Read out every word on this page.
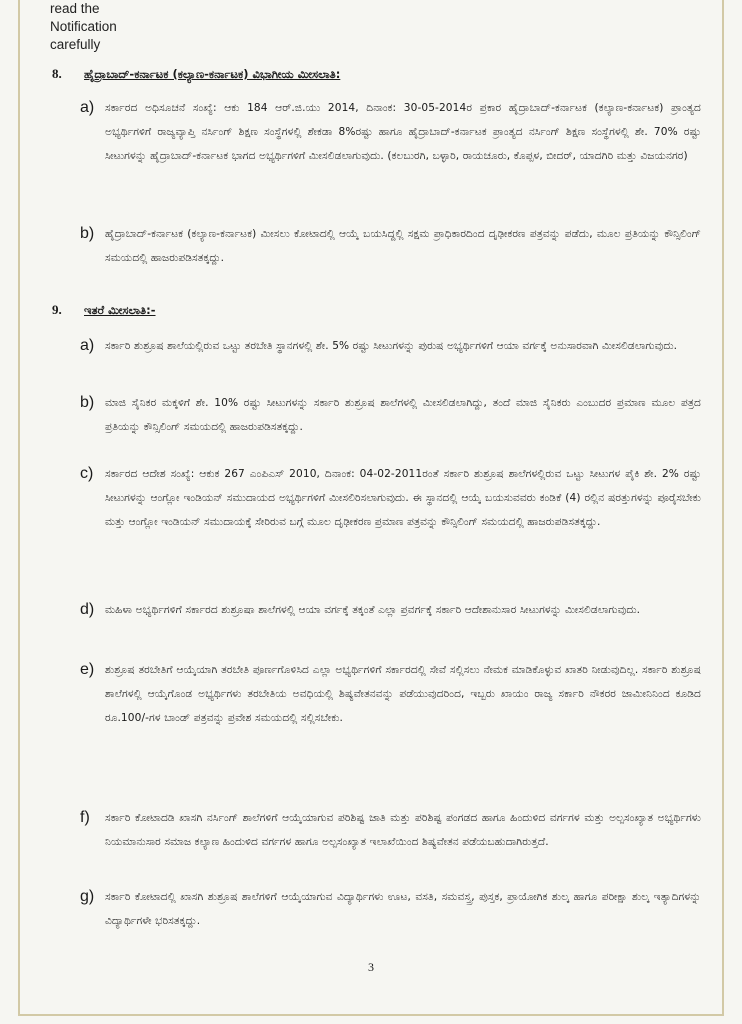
read the
Notification
carefully
8. ಹೈದ್ರಾಬಾದ್-ಕರ್ನಾಟಕ (ಕಲ್ಯಾಣ-ಕರ್ನಾಟಕ) ವಿಭಾಗೀಯ ಮೀಸಲಾತಿ:
a) ಸರ್ಕಾರದ ಅಧಿಸೂಚನೆ ಸಂಖ್ಯೆ: ಆಕು 184 ಆರ್.ಜಿ.ಯು 2014, ದಿನಾಂಕ: 30-05-2014ರ ಪ್ರಕಾರ ಹೈದ್ರಾಬಾದ್-ಕರ್ನಾಟಕ (ಕಲ್ಯಾಣ-ಕರ್ನಾಟಕ) ಪ್ರಾಂತ್ಯದ ಅಭ್ಯರ್ಥಿಗಳಿಗೆ ರಾಜ್ಯವ್ಯಾಪ್ತಿ ನರ್ಸಿಂಗ್ ಶಿಕ್ಷಣ ಸಂಸ್ಥೆಗಳಲ್ಲಿ ಶೇಕಡಾ 8%ರಷ್ಟು ಹಾಗೂ ಹೈದ್ರಾಬಾದ್-ಕರ್ನಾಟಕ ಪ್ರಾಂತ್ಯದ ನರ್ಸಿಂಗ್ ಶಿಕ್ಷಣ ಸಂಸ್ಥೆಗಳಲ್ಲಿ ಶೇ. 70% ರಷ್ಟು ಸೀಟುಗಳನ್ನು ಹೈದ್ರಾಬಾದ್-ಕರ್ನಾಟಕ ಭಾಗದ ಅಭ್ಯರ್ಥಿಗಳಿಗೆ ಮೀಸಲಿಡಲಾಗುವುದು. (ಕಲಬುರಗಿ, ಬಳ್ಳಾರಿ, ರಾಯಚೂರು, ಕೊಪ್ಪಳ, ಬೀದರ್, ಯಾದಗಿರಿ ಮತ್ತು ವಿಜಯನಗರ)
b) ಹೈದ್ರಾಬಾದ್-ಕರ್ನಾಟಕ (ಕಲ್ಯಾಣ-ಕರ್ನಾಟಕ) ಮೀಸಲು ಕೋಟಾದಲ್ಲಿ ಆಯ್ಕೆ ಬಯಸಿದ್ದಲ್ಲಿ ಸಕ್ಷಮ ಪ್ರಾಧಿಕಾರದಿಂದ ದೃಢೀಕರಣ ಪತ್ರವನ್ನು ಪಡೆದು, ಮೂಲ ಪ್ರತಿಯನ್ನು ಕೌನ್ಸಿಲಿಂಗ್ ಸಮಯದಲ್ಲಿ ಹಾಜರುಪಡಿಸತಕ್ಕದ್ದು.
9. ಇತರೆ ಮೀಸಲಾತಿ:-
a) ಸರ್ಕಾರಿ ಶುಶ್ರೂಷ ಶಾಲೆಯಲ್ಲಿರುವ ಒಟ್ಟು ತರಬೇತಿ ಸ್ಥಾನಗಳಲ್ಲಿ ಶೇ. 5% ರಷ್ಟು ಸೀಟುಗಳನ್ನು ಪುರುಷ ಅಭ್ಯರ್ಥಿಗಳಿಗೆ ಆಯಾ ವರ್ಗಕ್ಕೆ ಅನುಸಾರವಾಗಿ ಮೀಸಲಿಡಲಾಗುವುದು.
b) ಮಾಜಿ ಸೈನಿಕರ ಮಕ್ಕಳಿಗೆ ಶೇ. 10% ರಷ್ಟು ಸೀಟುಗಳನ್ನು ಸರ್ಕಾರಿ ಶುಶ್ರೂಷ ಶಾಲೆಗಳಲ್ಲಿ ಮೀಸಲಿಡಲಾಗಿದ್ದು, ತಂದೆ ಮಾಜಿ ಸೈನಿಕರು ಎಂಬುದರ ಪ್ರಮಾಣ ಮೂಲ ಪತ್ರದ ಪ್ರತಿಯನ್ನು ಕೌನ್ಸಿಲಿಂಗ್ ಸಮಯದಲ್ಲಿ ಹಾಜರುಪಡಿಸತಕ್ಕದ್ದು.
c) ಸರ್ಕಾರದ ಆದೇಶ ಸಂಖ್ಯೆ: ಆಕುಕ 267 ಎಂಪಿಎಸ್ 2010, ದಿನಾಂಕ: 04-02-2011ರಂತೆ ಸರ್ಕಾರಿ ಶುಶ್ರೂಷ ಶಾಲೆಗಳಲ್ಲಿರುವ ಒಟ್ಟು ಸೀಟುಗಳ ಪೈಕಿ ಶೇ. 2% ರಷ್ಟು ಸೀಟುಗಳನ್ನು ಆಂಗ್ಲೋ ಇಂಡಿಯನ್ ಸಮುದಾಯದ ಅಭ್ಯರ್ಥಿಗಳಿಗೆ ಮೀಸಲಿರಿಸಲಾಗುವುದು. ಈ ಸ್ಥಾನದಲ್ಲಿ ಆಯ್ಕೆ ಬಯಸುವವರು ಕಂಡಿಕೆ (4) ರಲ್ಲಿನ ಷರತ್ತುಗಳನ್ನು ಪೂರೈಸಬೇಕು ಮತ್ತು ಆಂಗ್ಲೋ ಇಂಡಿಯನ್ ಸಮುದಾಯಕ್ಕೆ ಸೇರಿರುವ ಬಗ್ಗೆ ಮೂಲ ದೃಢೀಕರಣ ಪ್ರಮಾಣ ಪತ್ರವನ್ನು ಕೌನ್ಸಿಲಿಂಗ್ ಸಮಯದಲ್ಲಿ ಹಾಜರುಪಡಿಸತಕ್ಕದ್ದು.
d) ಮಹಿಳಾ ಅಭ್ಯರ್ಥಿಗಳಿಗೆ ಸರ್ಕಾರದ ಶುಶ್ರೂಷಾ ಶಾಲೆಗಳಲ್ಲಿ ಆಯಾ ವರ್ಗಕ್ಕೆ ತಕ್ಕಂತೆ ಎಲ್ಲಾ ಪ್ರವರ್ಗಕ್ಕೆ ಸರ್ಕಾರಿ ಆದೇಶಾನುಸಾರ ಸೀಟುಗಳನ್ನು ಮೀಸಲಿಡಲಾಗುವುದು.
e) ಶುಶ್ರೂಷ ತರಬೇತಿಗೆ ಆಯ್ಕೆಯಾಗಿ ತರಬೇತಿ ಪೂರ್ಣಗೊಳಿಸಿದ ಎಲ್ಲಾ ಅಭ್ಯರ್ಥಿಗಳಿಗೆ ಸರ್ಕಾರದಲ್ಲಿ ಸೇವೆ ಸಲ್ಲಿಸಲು ನೇಮಕ ಮಾಡಿಕೊಳ್ಳುವ ಖಾತರಿ ನೀಡುವುದಿಲ್ಲ. ಸರ್ಕಾರಿ ಶುಶ್ರೂಷ ಶಾಲೆಗಳಲ್ಲಿ ಆಯ್ಕೆಗೊಂಡ ಅಭ್ಯರ್ಥಿಗಳು ತರಬೇತಿಯ ಅವಧಿಯಲ್ಲಿ ಶಿಷ್ಯವೇತನವನ್ನು ಪಡೆಯುವುದರಿಂದ, ಇಬ್ಬರು ಖಾಯಂ ರಾಜ್ಯ ಸರ್ಕಾರಿ ನೌಕರರ ಜಾಮೀನಿನಿಂದ ಕೂಡಿದ ರೂ.100/-ಗಳ ಬಾಂಡ್ ಪತ್ರವನ್ನು ಪ್ರವೇಶ ಸಮಯದಲ್ಲಿ ಸಲ್ಲಿಸಬೇಕು.
f) ಸರ್ಕಾರಿ ಕೋಟಾದಡಿ ಖಾಸಗಿ ನರ್ಸಿಂಗ್ ಶಾಲೆಗಳಿಗೆ ಆಯ್ಕೆಯಾಗುವ ಪರಿಶಿಷ್ಟ ಜಾತಿ ಮತ್ತು ಪರಿಶಿಷ್ಟ ಪಂಗಡದ ಹಾಗೂ ಹಿಂದುಳಿದ ವರ್ಗಗಳ ಮತ್ತು ಅಲ್ಪಸಂಖ್ಯಾತ ಅಭ್ಯರ್ಥಿಗಳು ನಿಯಮಾನುಸಾರ ಸಮಾಜ ಕಲ್ಯಾಣ ಹಿಂದುಳಿದ ವರ್ಗಗಳ ಹಾಗೂ ಅಲ್ಪಸಂಖ್ಯಾತ ಇಲಾಖೆಯಿಂದ ಶಿಷ್ಯವೇತನ ಪಡೆಯಬಹುದಾಗಿರುತ್ತದೆ.
g) ಸರ್ಕಾರಿ ಕೋಟಾದಲ್ಲಿ ಖಾಸಗಿ ಶುಶ್ರೂಷ ಶಾಲೆಗಳಿಗೆ ಆಯ್ಕೆಯಾಗುವ ವಿದ್ಯಾರ್ಥಿಗಳು ಊಟ, ವಸತಿ, ಸಮವಸ್ತ್ರ, ಪುಸ್ತಕ, ಪ್ರಾಯೋಗಿಕ ಶುಲ್ಕ ಹಾಗೂ ಪರೀಕ್ಷಾ ಶುಲ್ಕ ಇತ್ಯಾದಿಗಳನ್ನು ವಿದ್ಯಾರ್ಥಿಗಳೇ ಭರಿಸತಕ್ಕದ್ದು.
3
